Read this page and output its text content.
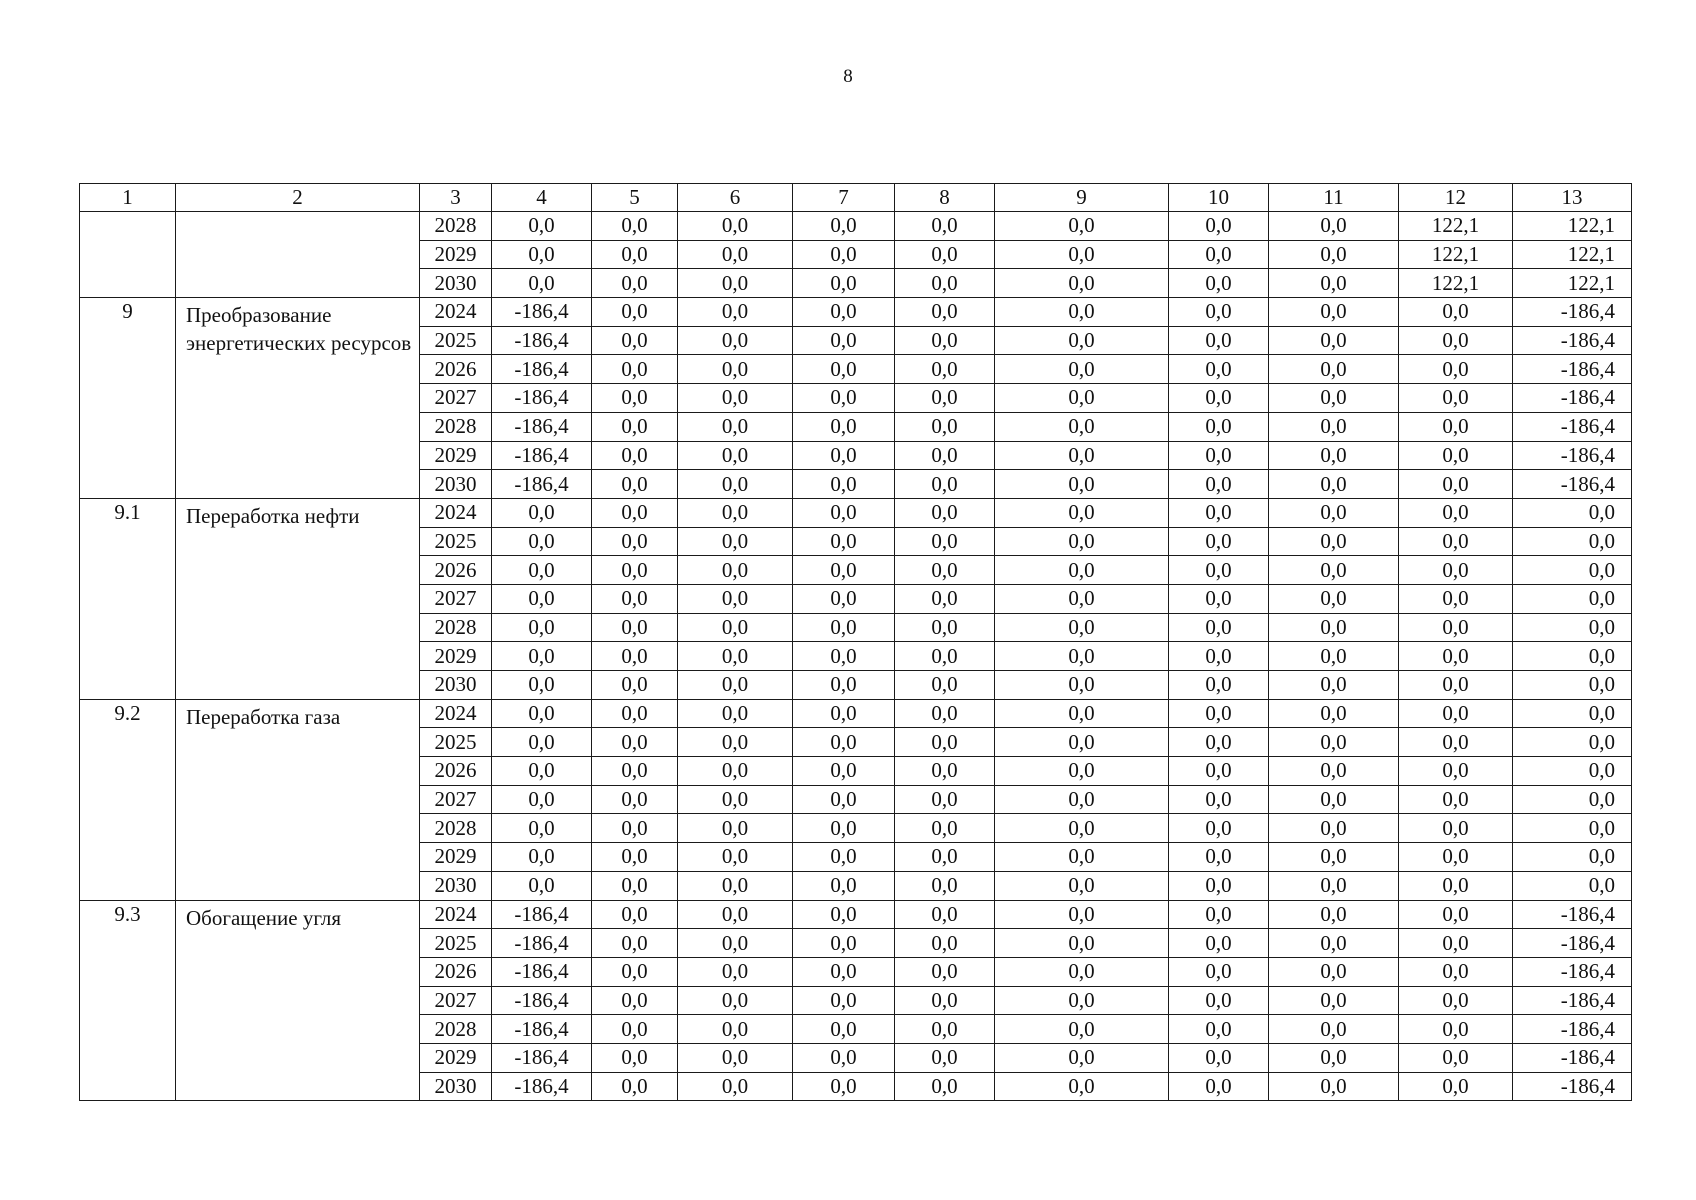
8
1	2	3	4	5	6	7	8	9	10	11	12	13
		2028	0,0	0,0	0,0	0,0	0,0	0,0	0,0	0,0	122,1	122,1
		2029	0,0	0,0	0,0	0,0	0,0	0,0	0,0	0,0	122,1	122,1
		2030	0,0	0,0	0,0	0,0	0,0	0,0	0,0	0,0	122,1	122,1
9	Преобразование энергетических ресурсов	2024	-186,4	0,0	0,0	0,0	0,0	0,0	0,0	0,0	0,0	-186,4
		2025	-186,4	0,0	0,0	0,0	0,0	0,0	0,0	0,0	0,0	-186,4
		2026	-186,4	0,0	0,0	0,0	0,0	0,0	0,0	0,0	0,0	-186,4
		2027	-186,4	0,0	0,0	0,0	0,0	0,0	0,0	0,0	0,0	-186,4
		2028	-186,4	0,0	0,0	0,0	0,0	0,0	0,0	0,0	0,0	-186,4
		2029	-186,4	0,0	0,0	0,0	0,0	0,0	0,0	0,0	0,0	-186,4
		2030	-186,4	0,0	0,0	0,0	0,0	0,0	0,0	0,0	0,0	-186,4
9.1	Переработка нефти	2024	0,0	0,0	0,0	0,0	0,0	0,0	0,0	0,0	0,0	0,0
		2025	0,0	0,0	0,0	0,0	0,0	0,0	0,0	0,0	0,0	0,0
		2026	0,0	0,0	0,0	0,0	0,0	0,0	0,0	0,0	0,0	0,0
		2027	0,0	0,0	0,0	0,0	0,0	0,0	0,0	0,0	0,0	0,0
		2028	0,0	0,0	0,0	0,0	0,0	0,0	0,0	0,0	0,0	0,0
		2029	0,0	0,0	0,0	0,0	0,0	0,0	0,0	0,0	0,0	0,0
		2030	0,0	0,0	0,0	0,0	0,0	0,0	0,0	0,0	0,0	0,0
9.2	Переработка газа	2024	0,0	0,0	0,0	0,0	0,0	0,0	0,0	0,0	0,0	0,0
		2025	0,0	0,0	0,0	0,0	0,0	0,0	0,0	0,0	0,0	0,0
		2026	0,0	0,0	0,0	0,0	0,0	0,0	0,0	0,0	0,0	0,0
		2027	0,0	0,0	0,0	0,0	0,0	0,0	0,0	0,0	0,0	0,0
		2028	0,0	0,0	0,0	0,0	0,0	0,0	0,0	0,0	0,0	0,0
		2029	0,0	0,0	0,0	0,0	0,0	0,0	0,0	0,0	0,0	0,0
		2030	0,0	0,0	0,0	0,0	0,0	0,0	0,0	0,0	0,0	0,0
9.3	Обогащение угля	2024	-186,4	0,0	0,0	0,0	0,0	0,0	0,0	0,0	0,0	-186,4
		2025	-186,4	0,0	0,0	0,0	0,0	0,0	0,0	0,0	0,0	-186,4
		2026	-186,4	0,0	0,0	0,0	0,0	0,0	0,0	0,0	0,0	-186,4
		2027	-186,4	0,0	0,0	0,0	0,0	0,0	0,0	0,0	0,0	-186,4
		2028	-186,4	0,0	0,0	0,0	0,0	0,0	0,0	0,0	0,0	-186,4
		2029	-186,4	0,0	0,0	0,0	0,0	0,0	0,0	0,0	0,0	-186,4
		2030	-186,4	0,0	0,0	0,0	0,0	0,0	0,0	0,0	0,0	-186,4
